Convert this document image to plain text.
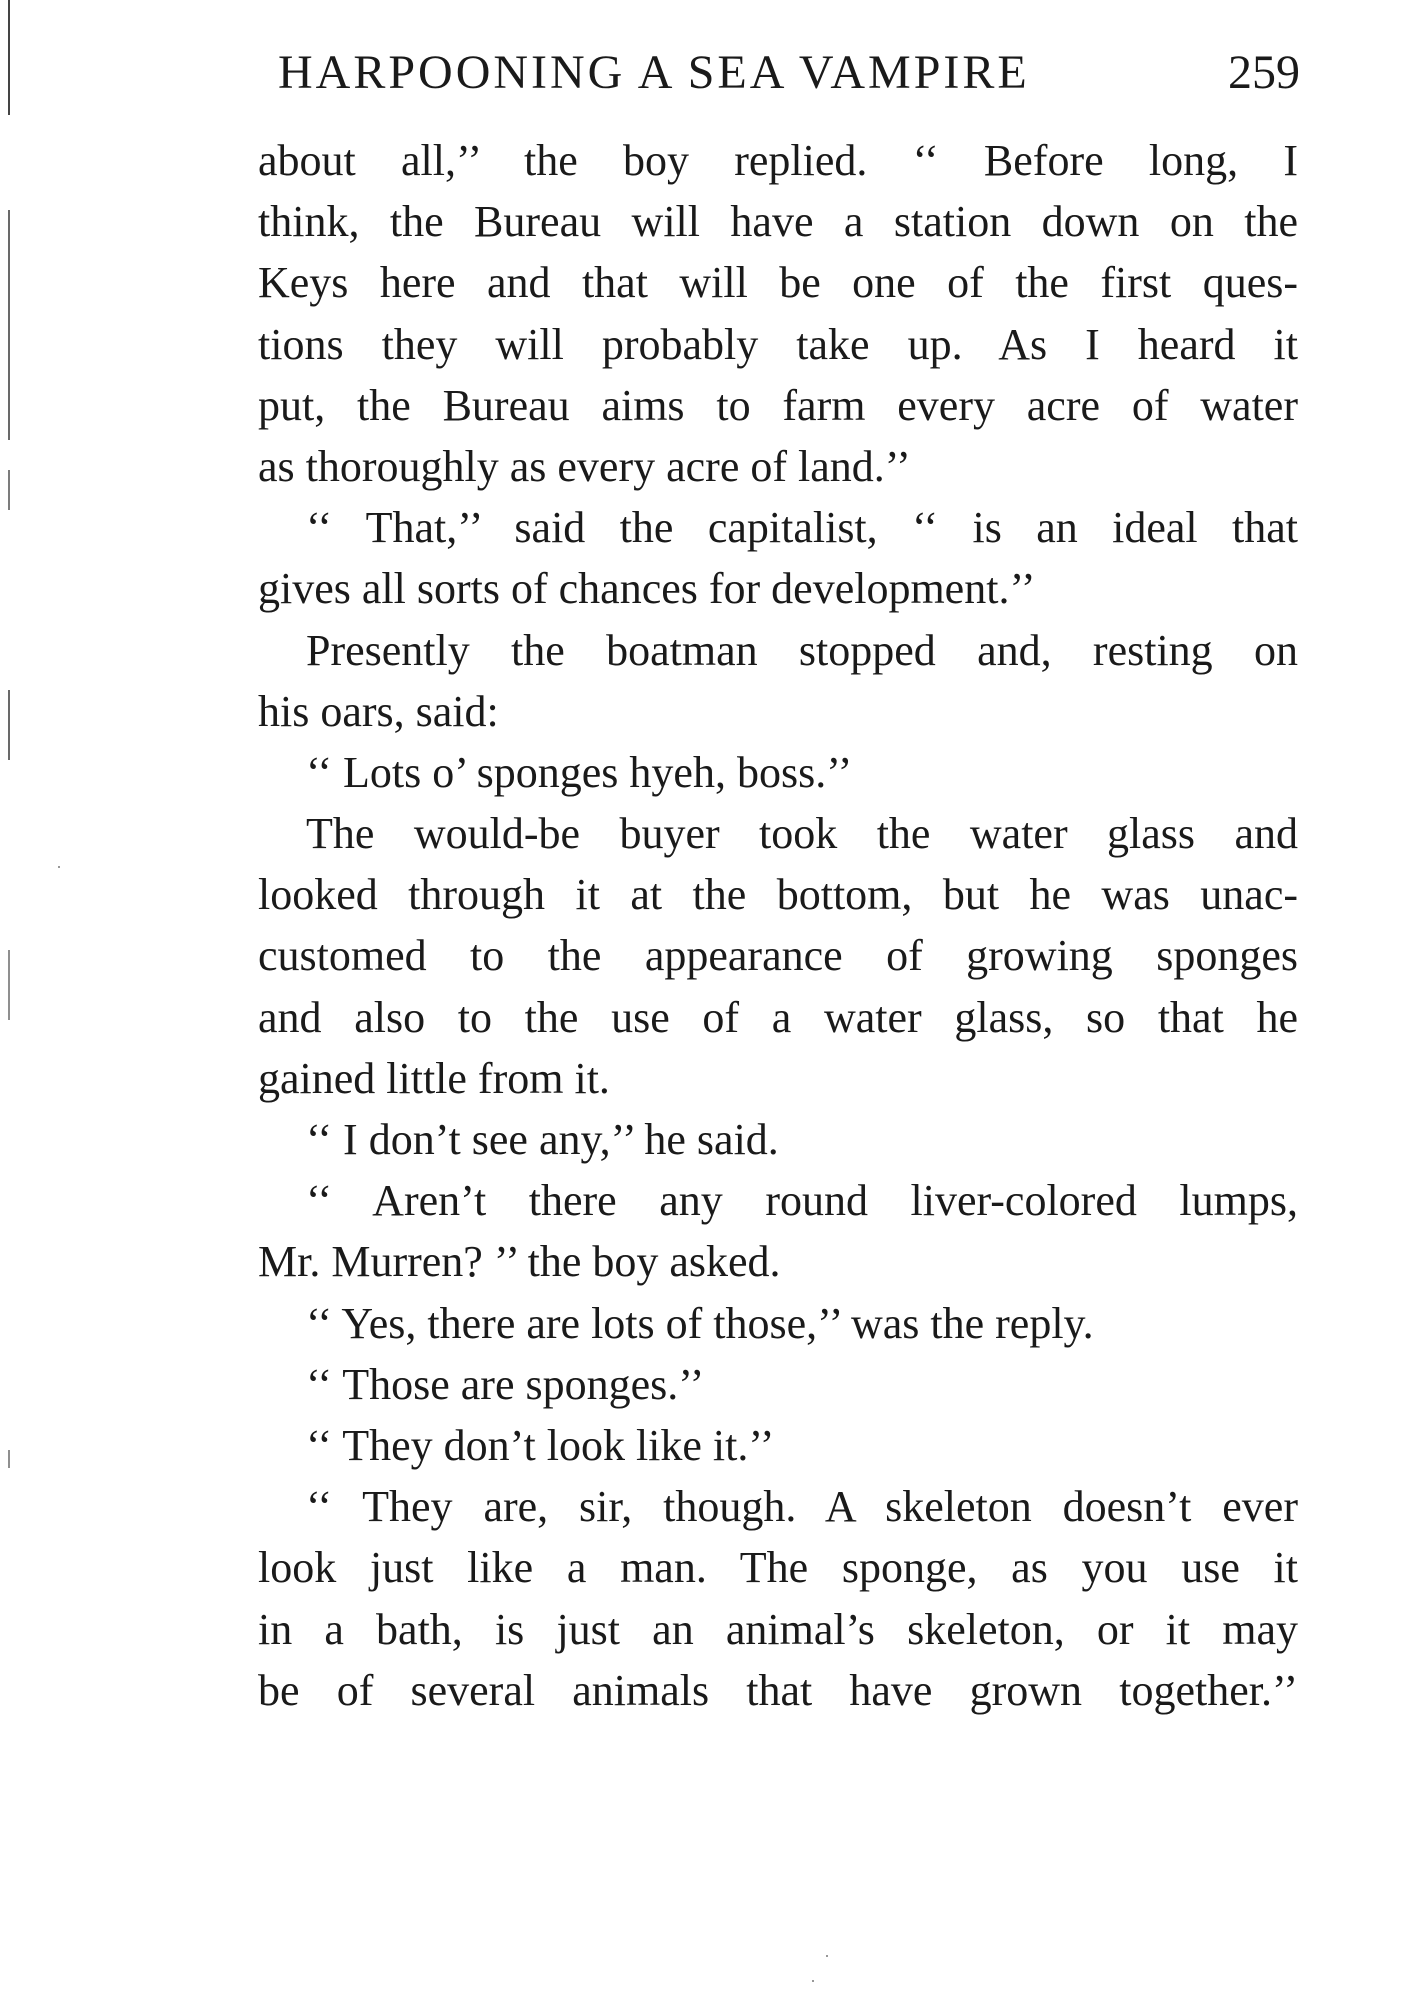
HARPOONING A SEA VAMPIRE	259
about all,’’ the boy replied. ‘‘ Before long, I
think, the Bureau will have a station down on the
Keys here and that will be one of the first ques-
tions they will probably take up. As I heard it
put, the Bureau aims to farm every acre of water
as thoroughly as every acre of land.’’
‘‘ That,’’ said the capitalist, ‘‘ is an ideal that
gives all sorts of chances for development.’’
Presently the boatman stopped and, resting on
his oars, said:
‘‘ Lots o’ sponges hyeh, boss.’’
The would-be buyer took the water glass and
looked through it at the bottom, but he was unac-
customed to the appearance of growing sponges
and also to the use of a water glass, so that he
gained little from it.
‘‘ I don’t see any,’’ he said.
‘‘ Aren’t there any round liver-colored lumps,
Mr. Murren? ’’ the boy asked.
‘‘ Yes, there are lots of those,’’ was the reply.
‘‘ Those are sponges.’’
‘‘ They don’t look like it.’’
‘‘ They are, sir, though. A skeleton doesn’t ever
look just like a man. The sponge, as you use it
in a bath, is just an animal’s skeleton, or it may
be of several animals that have grown together.’’
